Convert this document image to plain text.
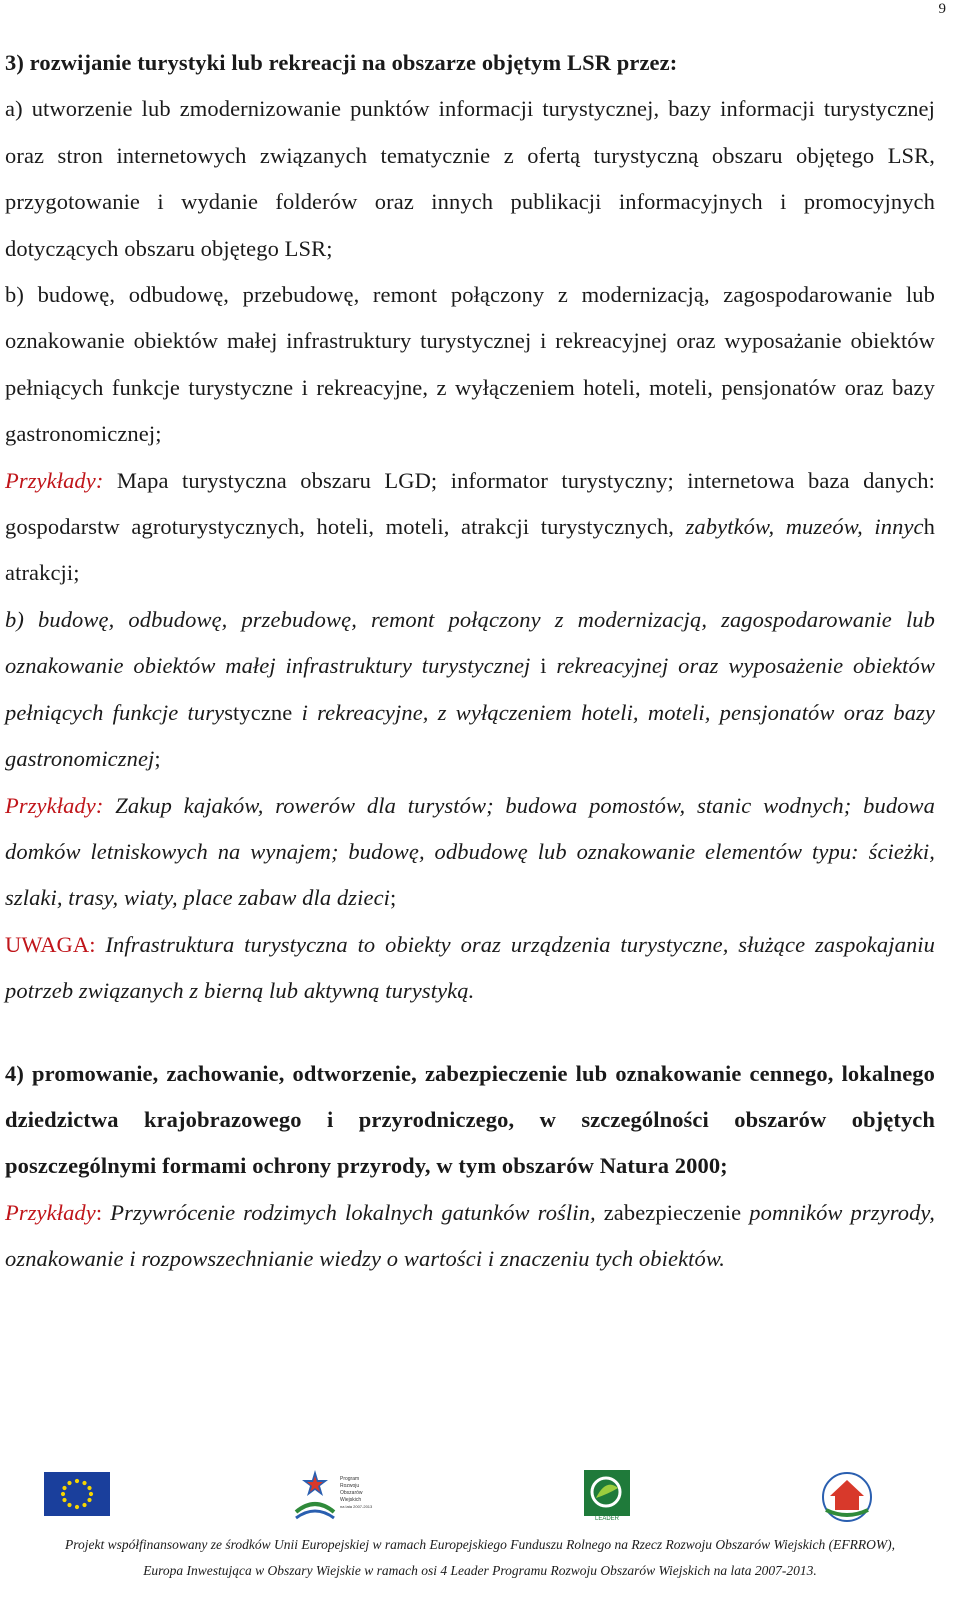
9

3) rozwijanie turystyki lub rekreacji na obszarze objętym LSR przez:

a) utworzenie lub zmodernizowanie punktów informacji turystycznej, bazy informacji turystycznej oraz stron internetowych związanych tematycznie z ofertą turystyczną obszaru objętego LSR, przygotowanie i wydanie folderów oraz innych publikacji informacyjnych i promocyjnych dotyczących obszaru objętego LSR;

b) budowę, odbudowę, przebudowę, remont połączony z modernizacją, zagospodarowanie lub oznakowanie obiektów małej infrastruktury turystycznej i rekreacyjnej oraz wyposażanie obiektów pełniących funkcje turystyczne i rekreacyjne, z wyłączeniem hoteli, moteli, pensjonatów oraz bazy gastronomicznej;

Przykłady: Mapa turystyczna obszaru LGD; informator turystyczny; internetowa baza danych: gospodarstw agroturystycznych, hoteli, moteli, atrakcji turystycznych, zabytków, muzeów, innych atrakcji;

b) budowę, odbudowę, przebudowę, remont połączony z modernizacją, zagospodarowanie lub oznakowanie obiektów małej infrastruktury turystycznej i rekreacyjnej oraz wyposażenie obiektów pełniących funkcje turystyczne i rekreacyjne, z wyłączeniem hoteli, moteli, pensjonatów oraz bazy gastronomicznej;

Przykłady: Zakup kajaków, rowerów dla turystów; budowa pomostów, stanic wodnych; budowa domków letniskowych na wynajem; budowę, odbudowę lub oznakowanie elementów typu: ścieżki, szlaki, trasy, wiaty, place zabaw dla dzieci;

UWAGA: Infrastruktura turystyczna to obiekty oraz urządzenia turystyczne, służące zaspokajaniu potrzeb związanych z bierną lub aktywną turystyką.

4) promowanie, zachowanie, odtworzenie, zabezpieczenie lub oznakowanie cennego, lokalnego dziedzictwa krajobrazowego i przyrodniczego, w szczególności obszarów objętych poszczególnymi formami ochrony przyrody, w tym obszarów Natura 2000;

Przykłady: Przywrócenie rodzimych lokalnych gatunków roślin, zabezpieczenie pomników przyrody, oznakowanie i rozpowszechnianie wiedzy o wartości i znaczeniu tych obiektów.

Program
Rozwoju
Obszarów
Wiejskich
na lata 2007-2013
LEADER
Projekt współfinansowany ze środków Unii Europejskiej w ramach Europejskiego Funduszu Rolnego na Rzecz Rozwoju Obszarów Wiejskich (EFRROW),
Europa Inwestująca w Obszary Wiejskie w ramach osi 4 Leader Programu Rozwoju Obszarów Wiejskich na lata 2007-2013.
